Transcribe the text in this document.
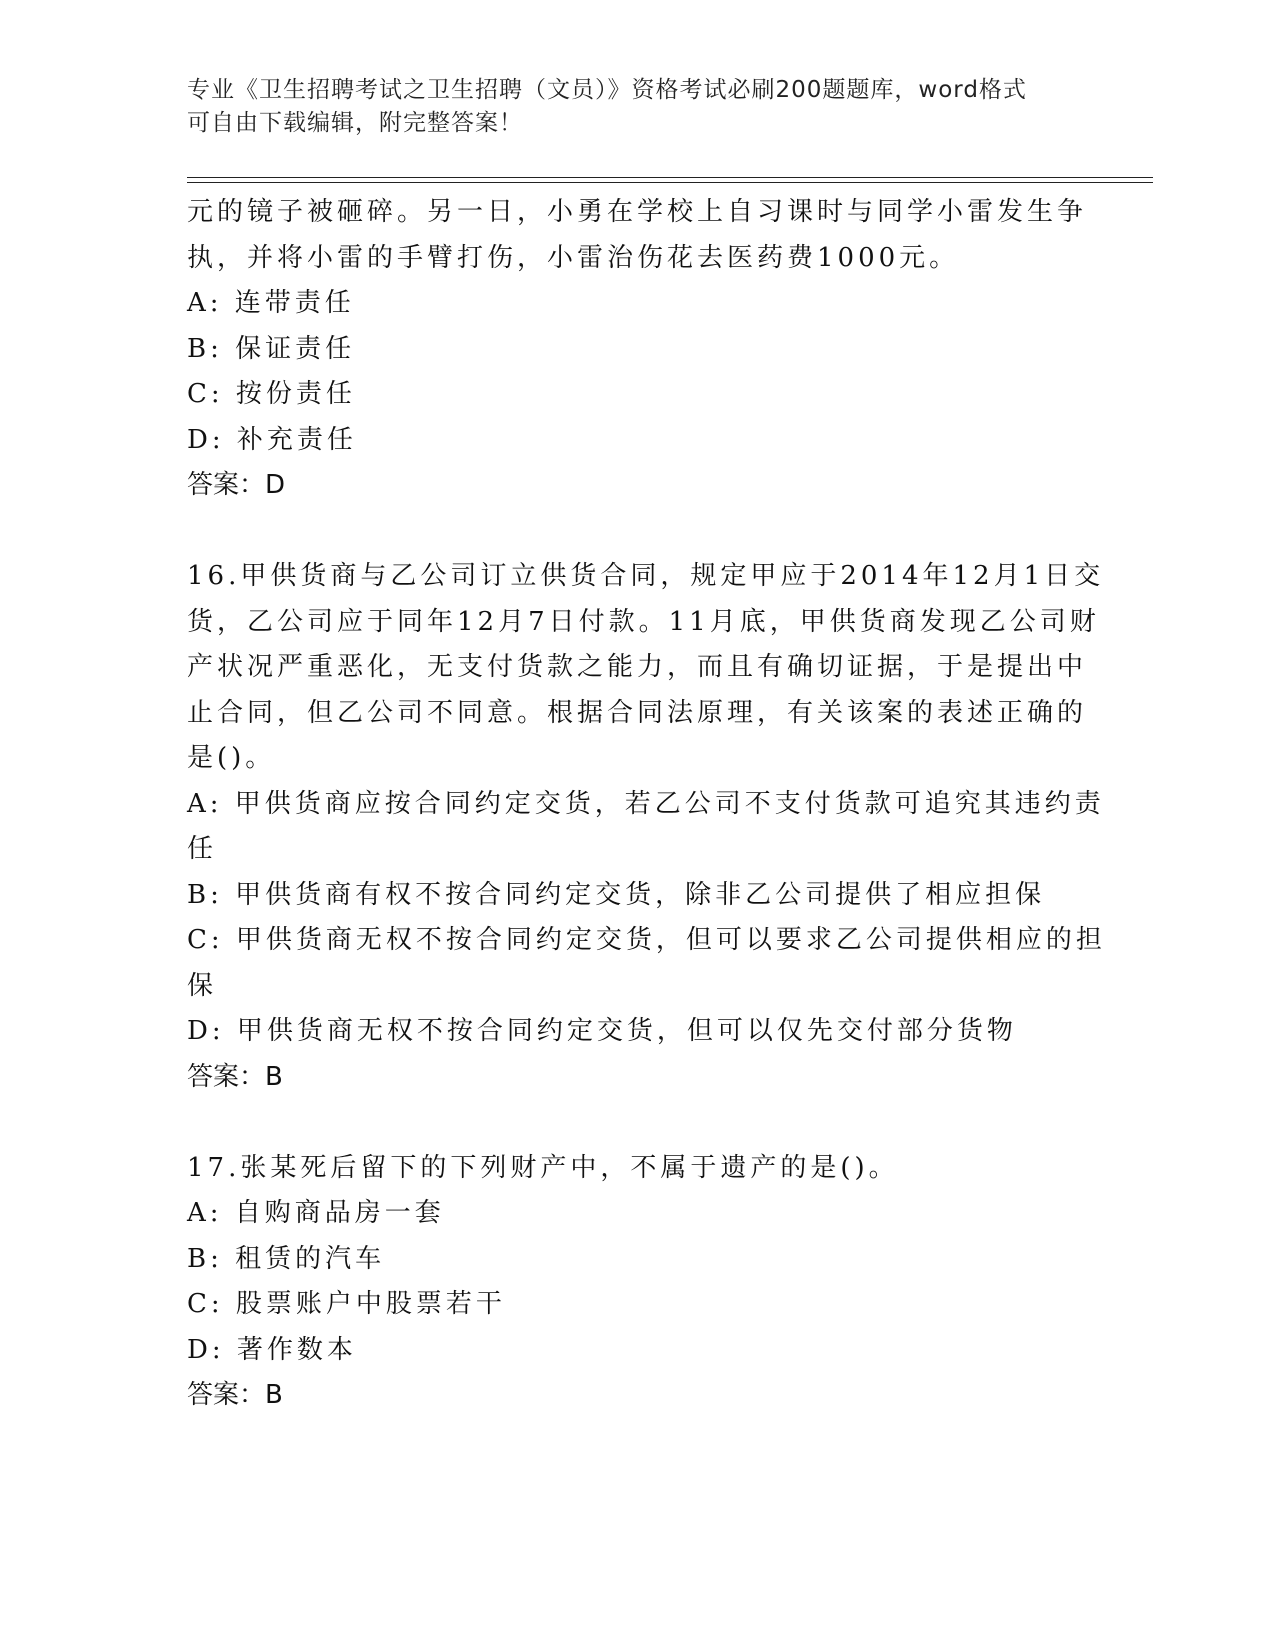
专业《卫生招聘考试之卫生招聘（文员）》资格考试必刷200题题库，word格式
可自由下载编辑，附完整答案！
元的镜子被砸碎。另一日，小勇在学校上自习课时与同学小雷发生争
执，并将小雷的手臂打伤，小雷治伤花去医药费1000元。
A: 连带责任
B: 保证责任
C: 按份责任
D: 补充责任
答案：D
16.甲供货商与乙公司订立供货合同，规定甲应于2014年12月1日交
货，乙公司应于同年12月7日付款。11月底，甲供货商发现乙公司财
产状况严重恶化，无支付货款之能力，而且有确切证据，于是提出中
止合同，但乙公司不同意。根据合同法原理，有关该案的表述正确的
是()。
A: 甲供货商应按合同约定交货，若乙公司不支付货款可追究其违约责
任
B: 甲供货商有权不按合同约定交货，除非乙公司提供了相应担保
C: 甲供货商无权不按合同约定交货，但可以要求乙公司提供相应的担
保
D: 甲供货商无权不按合同约定交货，但可以仅先交付部分货物
答案：B
17.张某死后留下的下列财产中，不属于遗产的是()。
A: 自购商品房一套
B: 租赁的汽车
C: 股票账户中股票若干
D: 著作数本
答案：B
